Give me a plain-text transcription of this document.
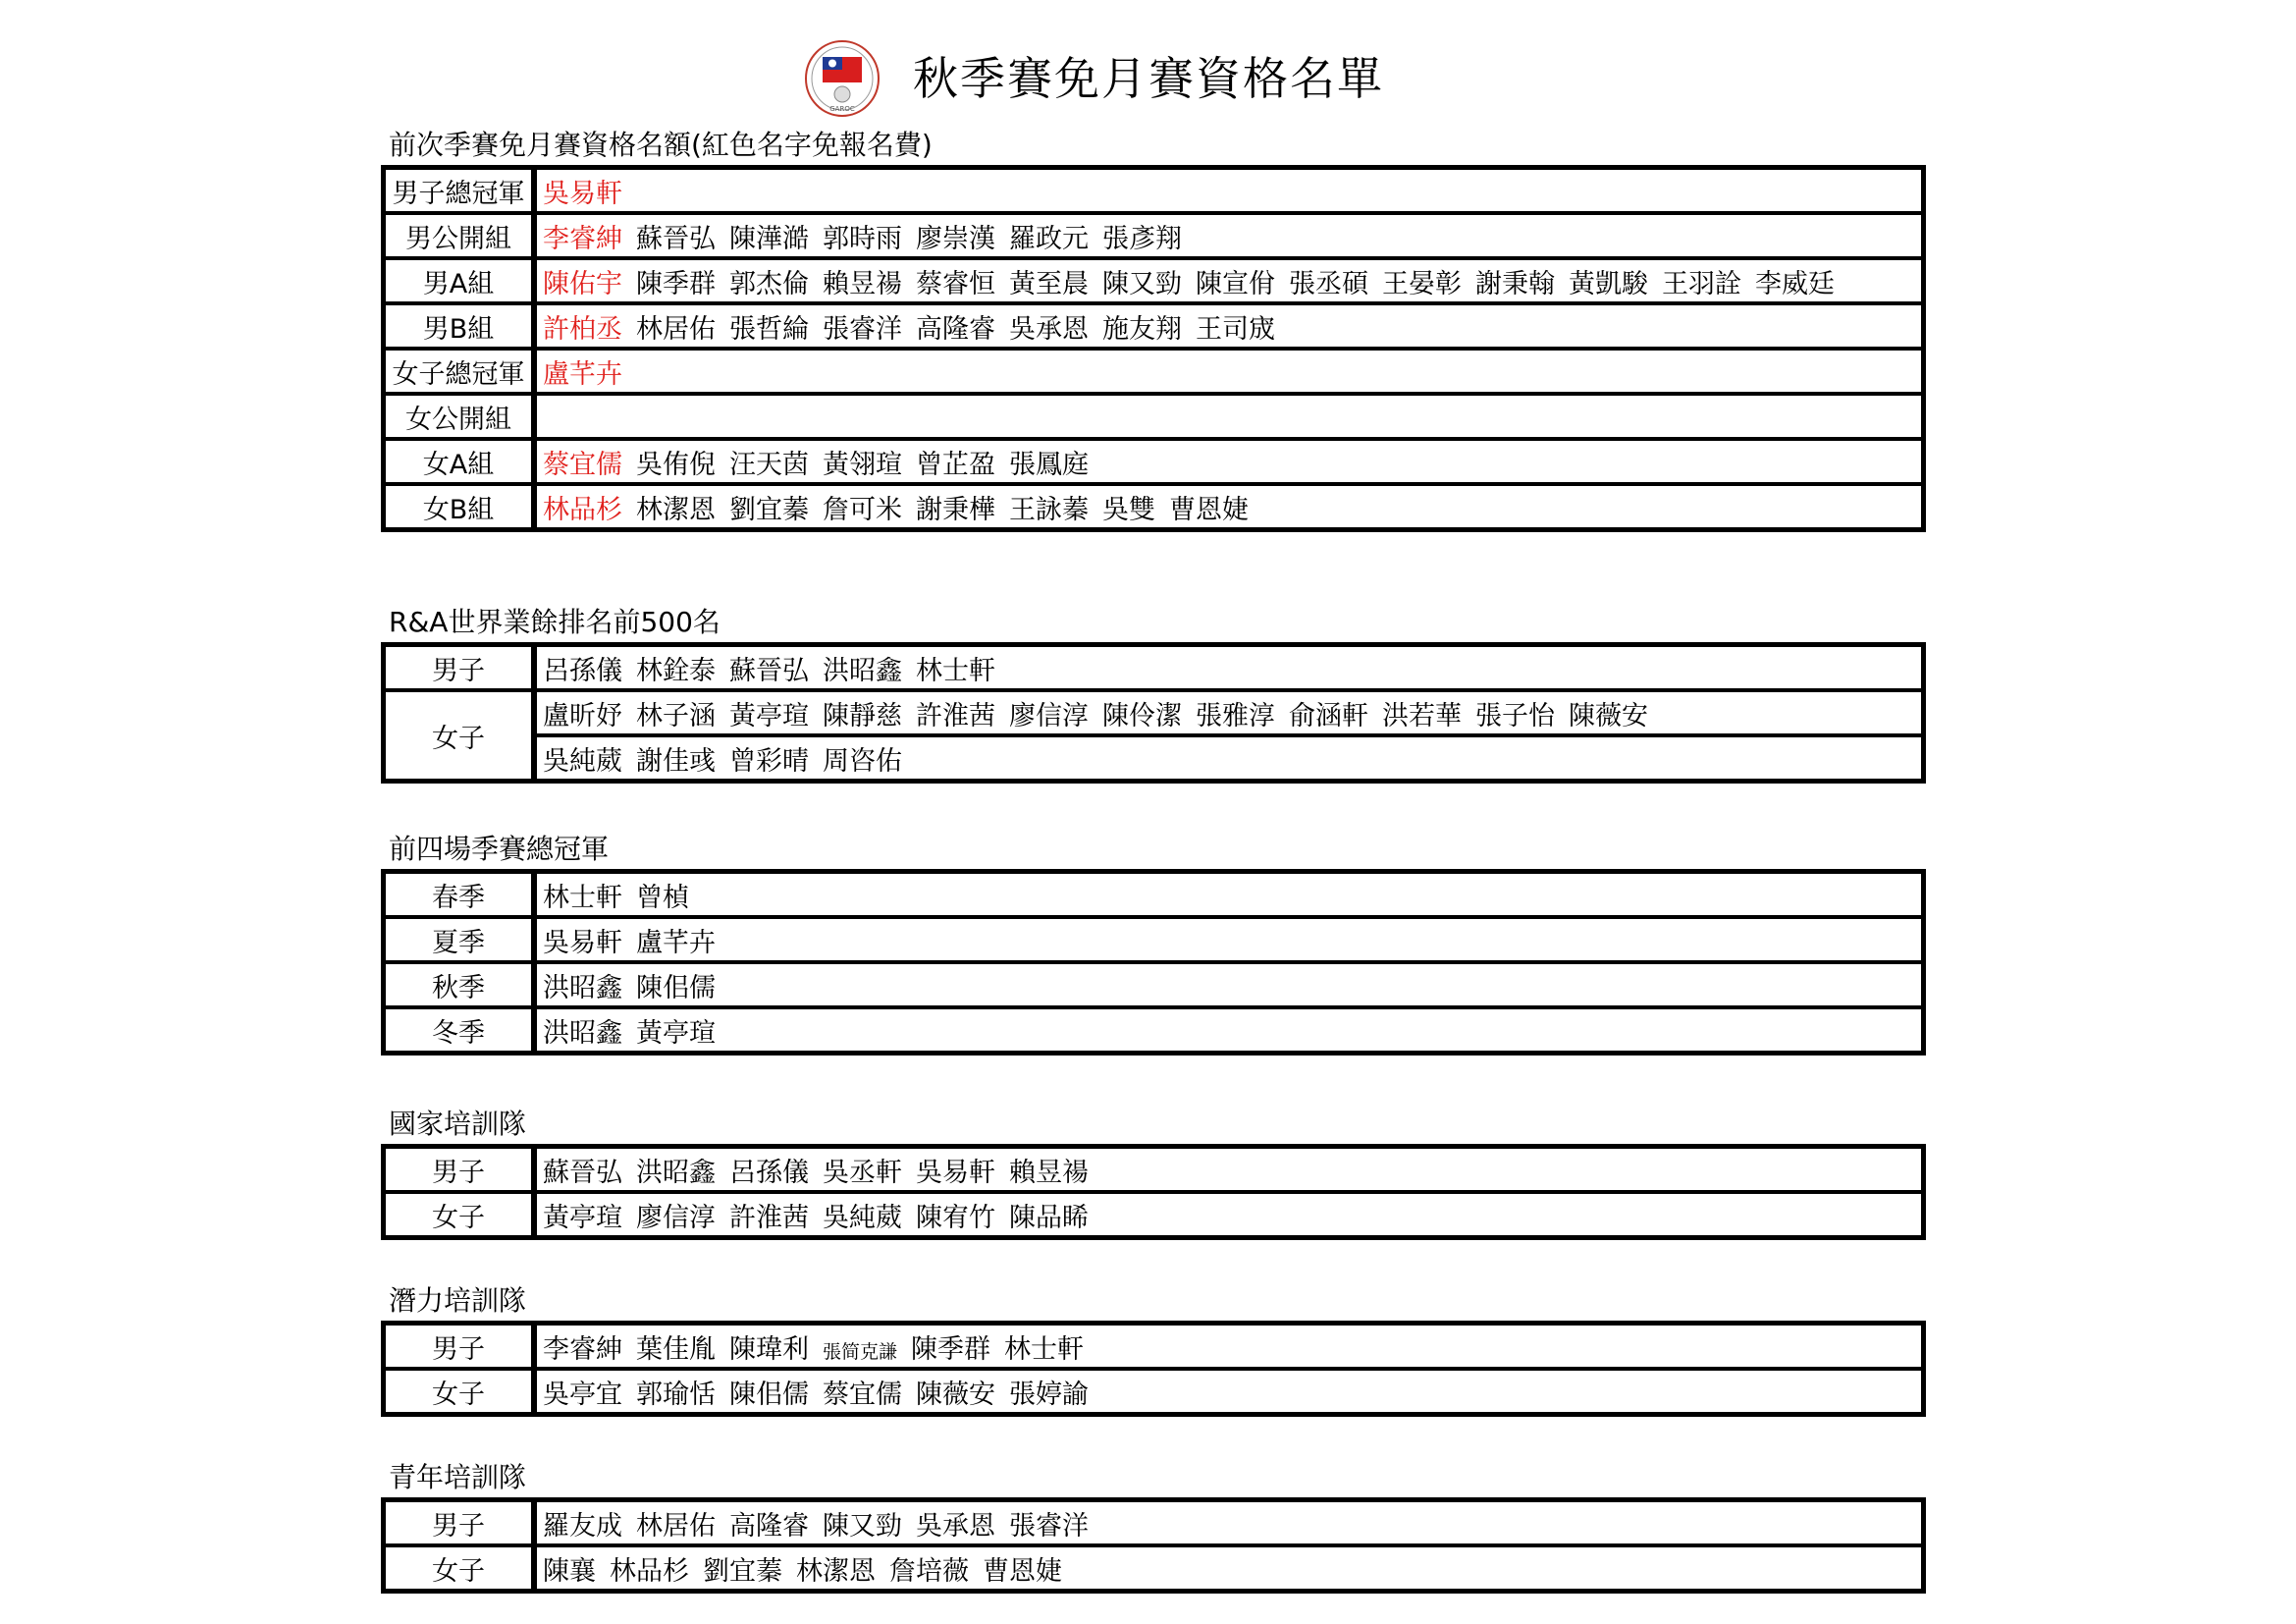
GAROC
秋季賽免月賽資格名單
前次季賽免月賽資格名額(紅色名字免報名費)
男子總冠軍	吳易軒
男公開組	李睿紳 蘇晉弘 陳澕澔 郭時雨 廖崇漢 羅政元 張彥翔
男A組	陳佑宇 陳季群 郭杰倫 賴昱禓 蔡睿恒 黃至晨 陳又勁 陳宣佾 張丞碩 王晏彰 謝秉翰 黃凱駿 王羽詮 李威廷
男B組	許柏丞 林居佑 張哲綸 張睿洋 高隆睿 吳承恩 施友翔 王司宬
女子總冠軍	盧芊卉
女公開組	
女A組	蔡宜儒 吳侑倪 汪天茵 黃翎瑄 曾芷盈 張鳳庭
女B組	林品杉 林潔恩 劉宜蓁 詹可米 謝秉樺 王詠蓁 吳雙 曹恩婕
R&A世界業餘排名前500名
男子	呂孫儀 林銓泰 蘇晉弘 洪昭鑫 林士軒
女子	盧昕妤 林子涵 黃亭瑄 陳靜慈 許淮茜 廖信淳 陳伶潔 張雅淳 俞涵軒 洪若華 張子怡 陳薇安
	吳純葳 謝佳彧 曾彩晴 周咨佑
前四場季賽總冠軍
春季	林士軒 曾楨
夏季	吳易軒 盧芊卉
秋季	洪昭鑫 陳佀儒
冬季	洪昭鑫 黃亭瑄
國家培訓隊
男子	蘇晉弘 洪昭鑫 呂孫儀 吳丞軒 吳易軒 賴昱禓
女子	黃亭瑄 廖信淳 許淮茜 吳純葳 陳宥竹 陳品睎
潛力培訓隊
男子	李睿紳 葉佳胤 陳瑋利 張简克謙 陳季群 林士軒
女子	吳亭宜 郭瑜恬 陳佀儒 蔡宜儒 陳薇安 張婷諭
青年培訓隊
男子	羅友成 林居佑 高隆睿 陳又勁 吳承恩 張睿洋
女子	陳襄 林品杉 劉宜蓁 林潔恩 詹培薇 曹恩婕
